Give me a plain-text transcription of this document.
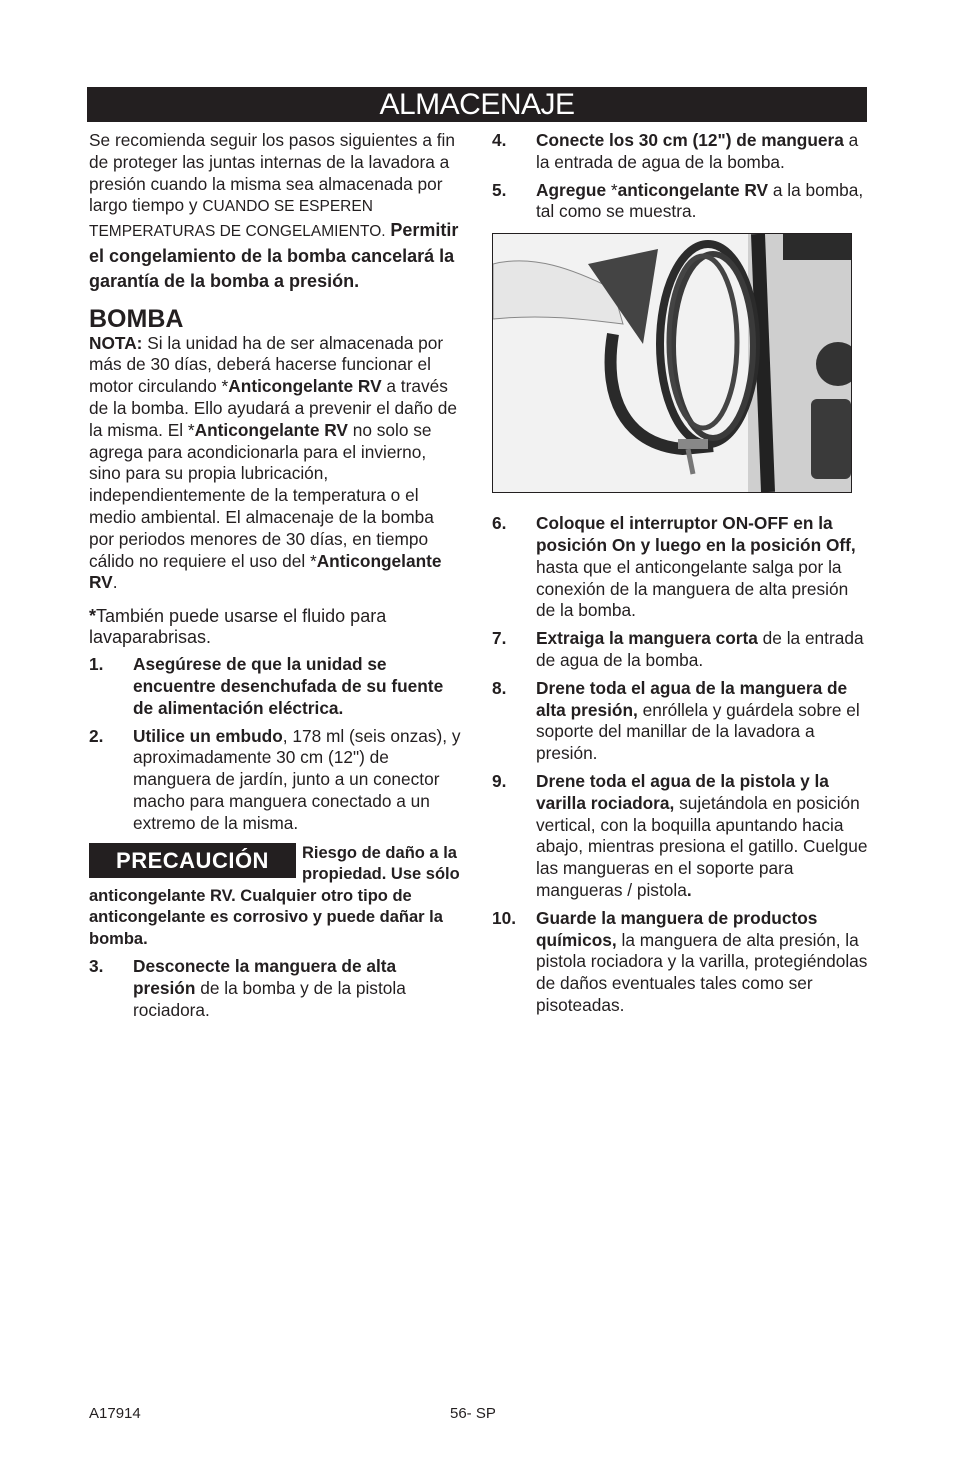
ALMACENAJE

Se recomienda seguir los pasos siguientes a fin de proteger las juntas internas de la lavadora a presión cuando la misma sea almacenada por largo tiempo y CUANDO SE ESPEREN TEMPERATURAS DE CONGELAMIENTO. Permitir el congelamiento de la bomba cancelará la garantía de la bomba a presión.

BOMBA

NOTA: Si la unidad ha de ser almacenada por más de 30 días, deberá hacerse funcionar el motor circulando *Anticongelante RV a través de la bomba. Ello ayudará a prevenir el daño de la misma. El *Anticongelante RV no solo se agrega para acondicionarla para el invierno, sino para su propia lubricación, independientemente de la temperatura o el medio ambiental. El almacenaje de la bomba por periodos menores de 30 días, en tiempo cálido no requiere el uso del *Anticongelante RV.

*También puede usarse el fluido para lavaparabrisas.

1.	Asegúrese de que la unidad se encuentre desenchufada de su fuente de alimentación eléctrica.
2.	Utilice un embudo, 178 ml (seis onzas), y aproximadamente 30 cm (12") de manguera de jardín, junto a un conector macho para manguera conectado a un extremo de la misma.
PRECAUCIÓN	Riesgo de daño a la propiedad. Use sólo anticongelante RV. Cualquier otro tipo de anticongelante es corrosivo y puede dañar la bomba.
3.	Desconecte la manguera de alta presión de la bomba y de la pistola rociadora.
4.	Conecte los 30 cm (12") de manguera a la entrada de agua de la bomba.
5.	Agregue *anticongelante RV a la bomba, tal como se muestra.
6.	Coloque el interruptor ON-OFF en la posición On y luego en la posición Off, hasta que el anticongelante salga por la conexión de la manguera de alta presión de la bomba.
7.	Extraiga la manguera corta de la entrada de agua de la bomba.
8.	Drene toda el agua de la manguera de alta presión, enróllela y guárdela sobre el soporte del manillar de la lavadora a presión.
9.	Drene toda el agua de la pistola y la varilla rociadora, sujetándola en posición vertical, con la boquilla apuntando hacia abajo, mientras presiona el gatillo. Cuelgue las mangueras en el soporte para mangueras / pistola.
10.	Guarde la manguera de productos químicos, la manguera de alta presión, la pistola rociadora y la varilla, protegiéndolas de daños eventuales tales como ser pisoteadas.
A17914	56- SP
